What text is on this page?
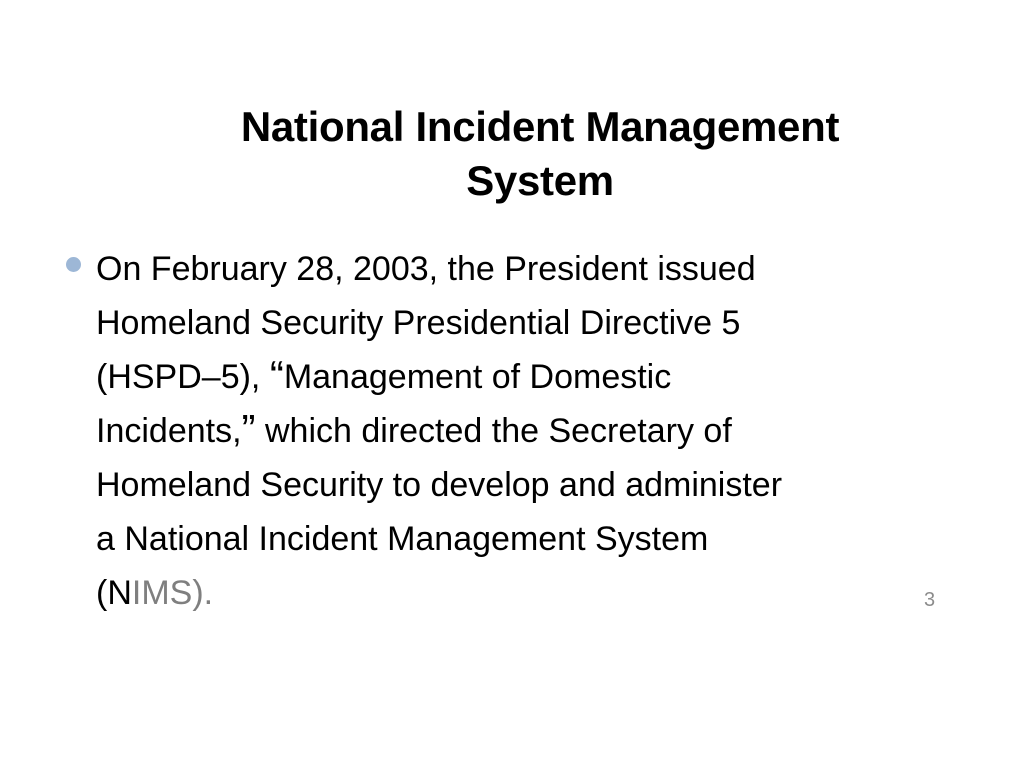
National Incident Management
System
On February 28, 2003, the President issued
Homeland Security Presidential Directive 5
(HSPD–5), “Management of Domestic
Incidents,” which directed the Secretary of
Homeland Security to develop and administer
a National Incident Management System
(NIMS).	3
